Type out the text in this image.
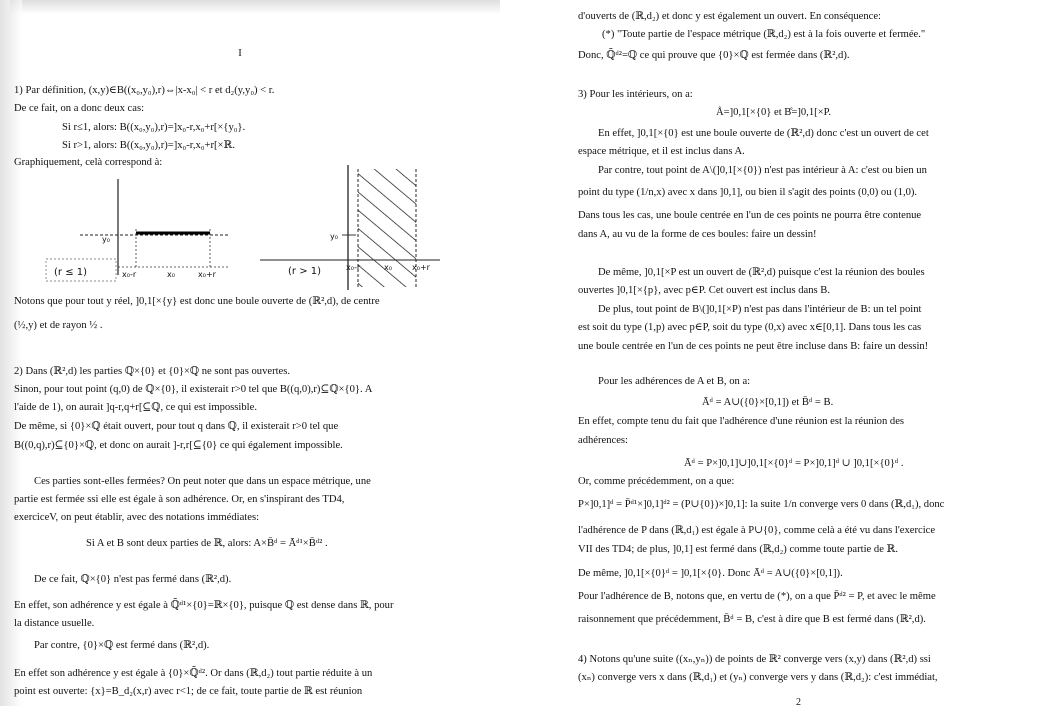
I
1) Par définition, (x,y)∈B((x₀,y₀),r)⇔|x-x₀| < r et d₂(y,y₀) < r.
De ce fait, on a donc deux cas:
Si r≤1, alors: B((x₀,y₀),r)=]x₀-r,x₀+r[×{y₀}.
Si r>1, alors: B((x₀,y₀),r)=]x₀-r,x₀+r[×ℝ.
Graphiquement, celà correspond à:
y₀
(r ≤ 1)	x₀-r	x₀	x₀+r
y₀
(r > 1)	x₀-r	x₀	x₀+r
Notons que pour tout y réel, ]0,1[×{y} est donc une boule ouverte de (ℝ²,d), de centre
(½,y) et de rayon ½ .
2) Dans (ℝ²,d) les parties ℚ×{0} et {0}×ℚ ne sont pas ouvertes.
Sinon, pour tout point (q,0) de ℚ×{0}, il existerait r>0 tel que B((q,0),r)⊆ℚ×{0}. A
l'aide de 1), on aurait ]q-r,q+r[⊆ℚ, ce qui est impossible.
De même, si {0}×ℚ était ouvert, pour tout q dans ℚ, il existerait r>0 tel que
B((0,q),r)⊆{0}×ℚ, et donc on aurait ]-r,r[⊆{0} ce qui également impossible.
Ces parties sont-elles fermées? On peut noter que dans un espace métrique, une
partie est fermée ssi elle est égale à son adhérence. Or, en s'inspirant des TD4,
exerciceV, on peut établir, avec des notations immédiates:
Si A et B sont deux parties de ℝ, alors: A×B̄ᵈ = Āᵈ¹×B̄ᵈ² .
De ce fait, ℚ×{0} n'est pas fermé dans (ℝ²,d).
En effet, son adhérence y est égale à ℚ̄ᵈ¹×{0}=ℝ×{0}, puisque ℚ est dense dans ℝ, pour
la distance usuelle.
Par contre, {0}×ℚ est fermé dans (ℝ²,d).
En effet son adhérence y est égale à {0}×ℚ̄ᵈ². Or dans (ℝ,d₂) tout partie réduite à un
point est ouverte: {x}=B_d₂(x,r) avec r<1; de ce fait, toute partie de ℝ est réunion
d'ouverts de (ℝ,d₂) et donc y est également un ouvert. En conséquence:
(*) "Toute partie de l'espace métrique (ℝ,d₂) est à la fois ouverte et fermée."
Donc, ℚ̄ᵈ²=ℚ ce qui prouve que {0}×ℚ est fermée dans (ℝ²,d).
3) Pour les intérieurs, on a:
Å=]0,1[×{0} et B̊=]0,1[×P.
En effet, ]0,1[×{0} est une boule ouverte de (ℝ²,d) donc c'est un ouvert de cet
espace métrique, et il est inclus dans A.
Par contre, tout point de A\(]0,1[×{0}) n'est pas intérieur à A: c'est ou bien un
point du type (1/n,x) avec x dans ]0,1], ou bien il s'agit des points (0,0) ou (1,0).
Dans tous les cas, une boule centrée en l'un de ces points ne pourra être contenue
dans A, au vu de la forme de ces boules: faire un dessin!
De même, ]0,1[×P est un ouvert de (ℝ²,d) puisque c'est la réunion des boules
ouvertes ]0,1[×{p}, avec p∈P. Cet ouvert est inclus dans B.
De plus, tout point de B\(]0,1[×P) n'est pas dans l'intérieur de B: un tel point
est soit du type (1,p) avec p∈P, soit du type (0,x) avec x∈[0,1]. Dans tous les cas
une boule centrée en l'un de ces points ne peut être incluse dans B: faire un dessin!
Pour les adhérences de A et B, on a:
Āᵈ = A∪({0}×[0,1]) et B̄ᵈ = B.
En effet, compte tenu du fait que l'adhérence d'une réunion est la réunion des
adhérences:
Āᵈ = P×]0,1]∪]0,1[×{0}ᵈ = P×]0,1]ᵈ ∪ ]0,1[×{0}ᵈ .
Or, comme précédemment, on a que:
P×]0,1]ᵈ = P̄ᵈ¹×]0,1]ᵈ² = (P∪{0})×]0,1]: la suite 1/n converge vers 0 dans (ℝ,d₁), donc
l'adhérence de P dans (ℝ,d₁) est égale à P∪{0}, comme celà a été vu dans l'exercice
VII des TD4; de plus, ]0,1] est fermé dans (ℝ,d₂) comme toute partie de ℝ.
De même, ]0,1[×{0}ᵈ = ]0,1[×{0}. Donc Āᵈ = A∪({0}×[0,1]).
Pour l'adhérence de B, notons que, en vertu de (*), on a que P̄ᵈ² = P, et avec le même
raisonnement que précédemment, B̄ᵈ = B, c'est à dire que B est fermé dans (ℝ²,d).
4) Notons qu'une suite ((xₙ,yₙ)) de points de ℝ² converge vers (x,y) dans (ℝ²,d) ssi
(xₙ) converge vers x dans (ℝ,d₁) et (yₙ) converge vers y dans (ℝ,d₂): c'est immédiat,
2
